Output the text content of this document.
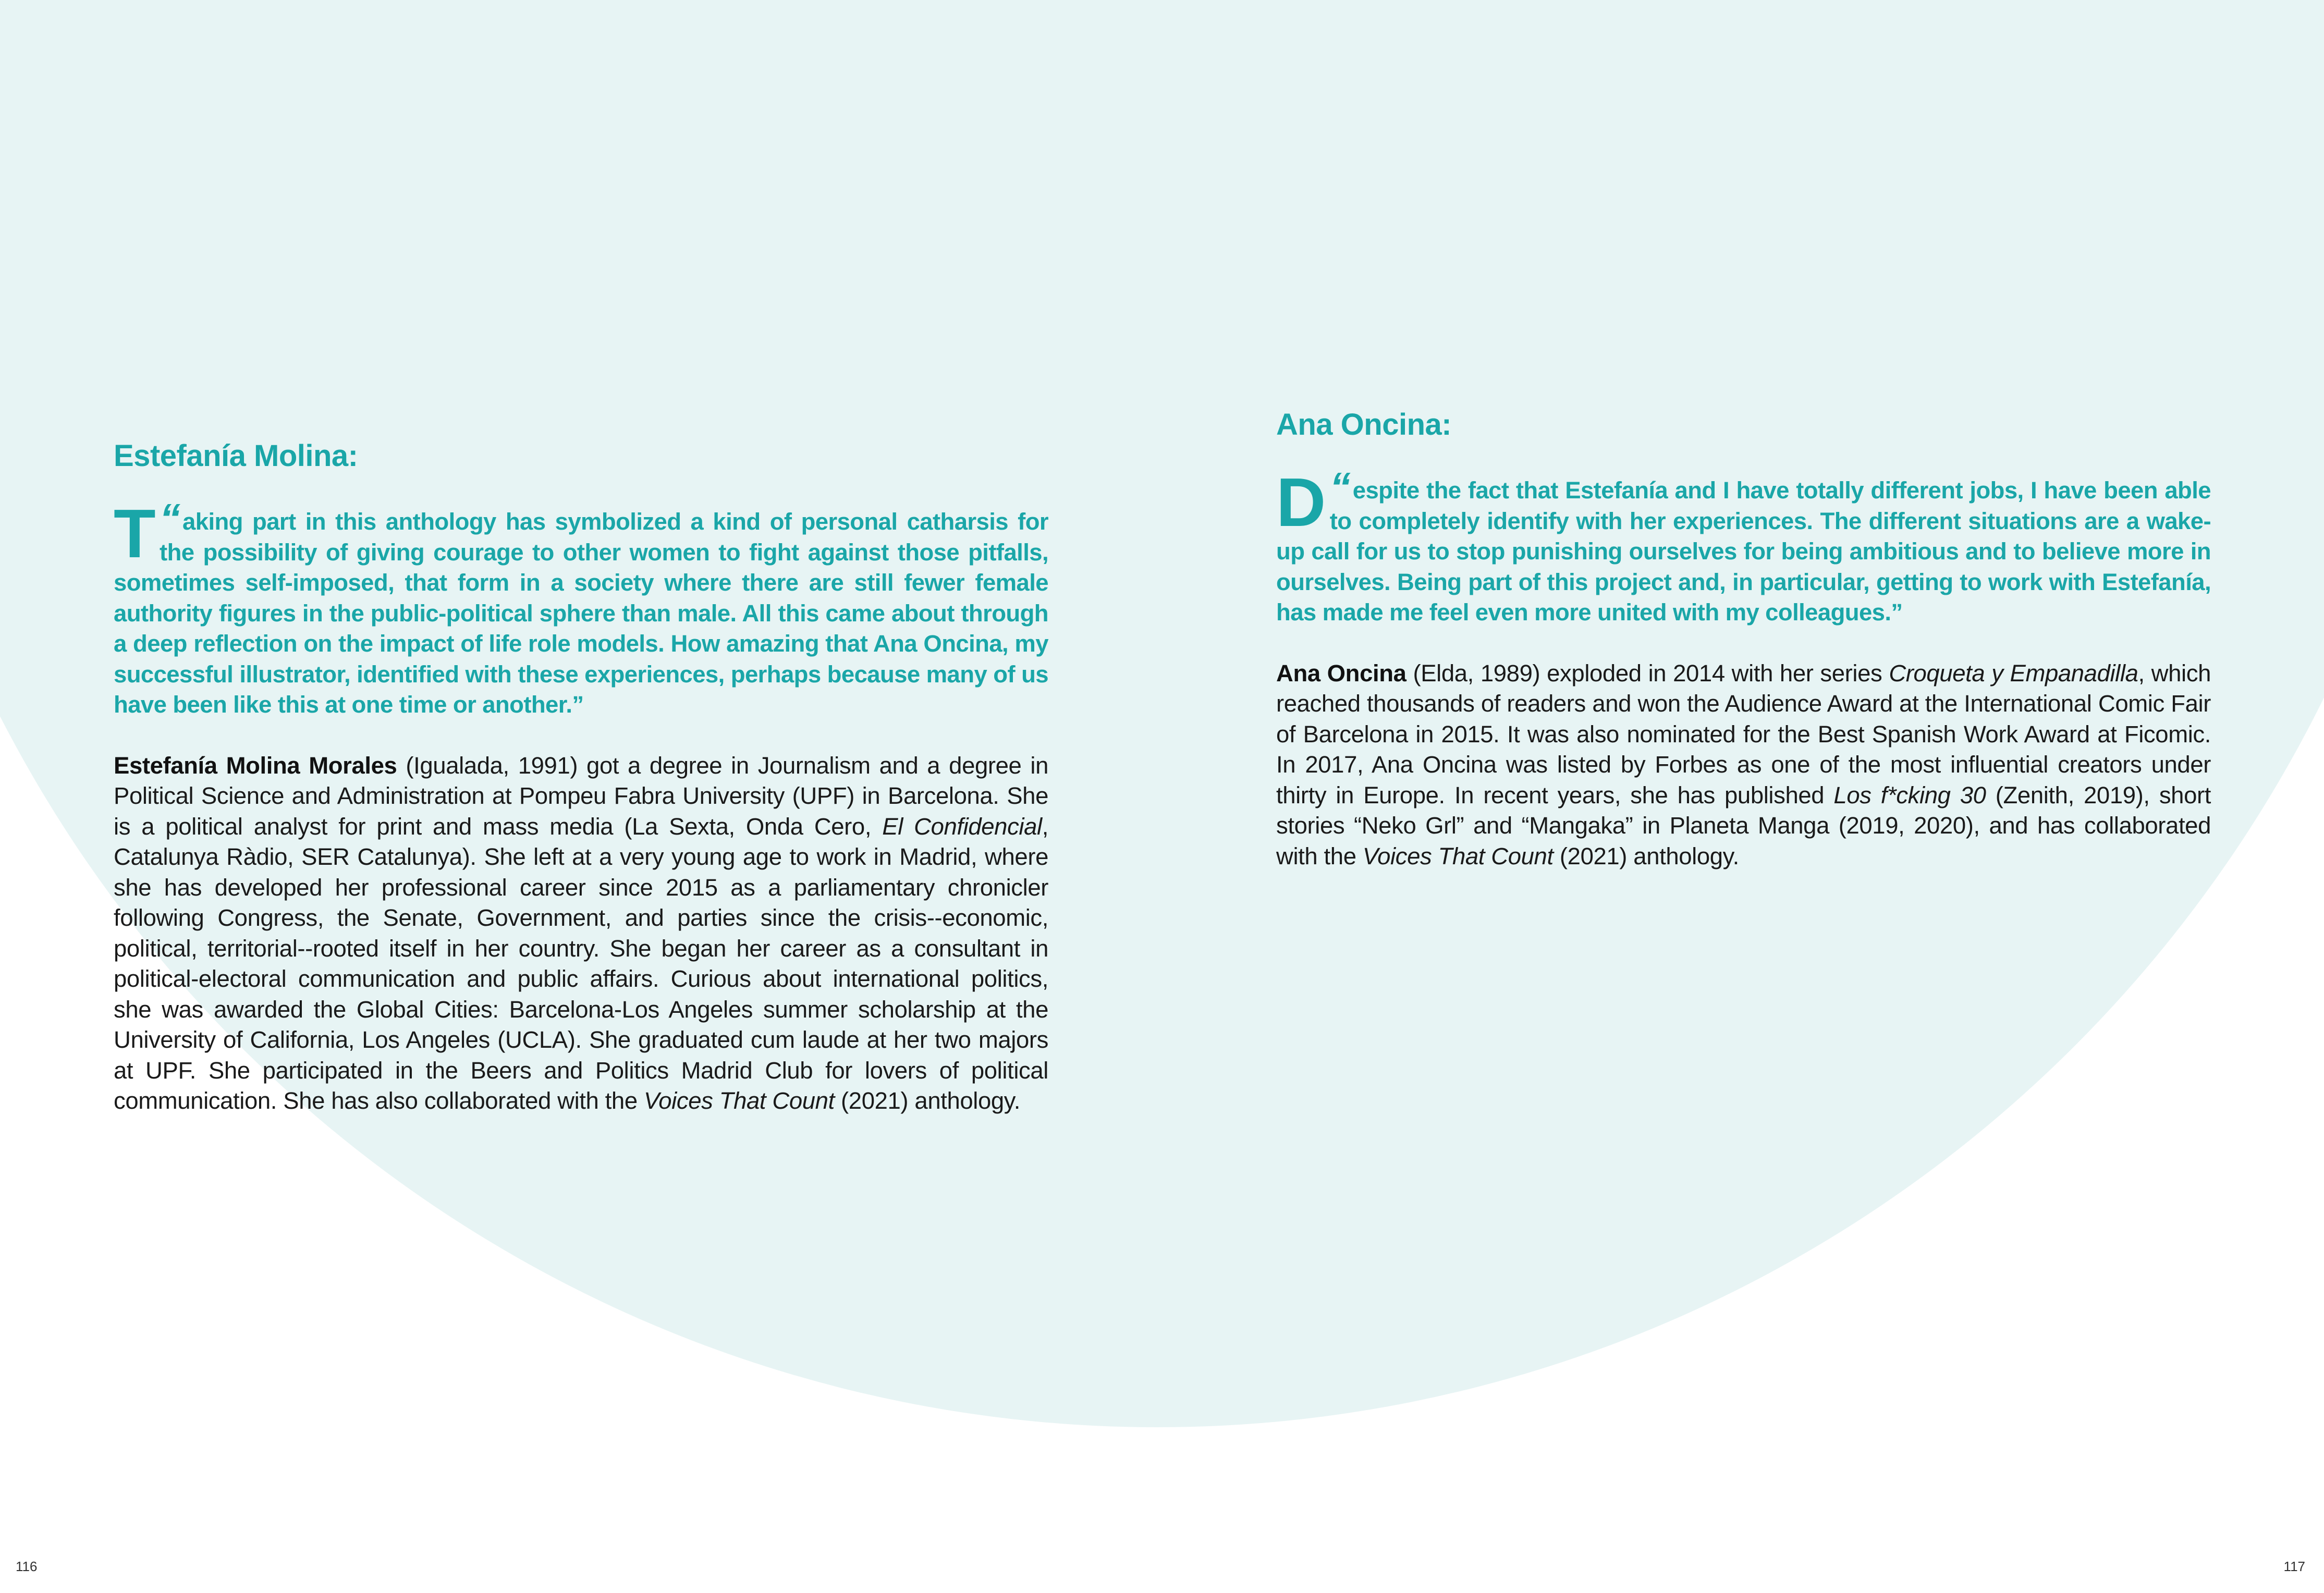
Estefanía Molina:

“
T aking part in this anthology has symbolized a kind of personal catharsis for the possibility of giving courage to other women to fight against those pitfalls, sometimes self-imposed, that form in a society where there are still fewer female authority figures in the public-political sphere than male. All this came about through a deep reflection on the impact of life role models. How amazing that Ana Oncina, my successful illustrator, identified with these experiences, perhaps because many of us have been like this at one time or another.”

Estefanía Molina Morales (Igualada, 1991) got a degree in Journalism and a degree in Political Science and Administration at Pompeu Fabra University (UPF) in Barcelona. She is a political analyst for print and mass media (La Sexta, Onda Cero, El Confidencial, Catalunya Ràdio, SER Catalunya). She left at a very young age to work in Madrid, where she has developed her professional career since 2015 as a parliamentary chronicler following Congress, the Senate, Government, and parties since the crisis--economic, political, territorial--rooted itself in her country. She began her career as a consultant in political-electoral communication and public affairs. Curious about international politics, she was awarded the Global Cities: Barcelona-Los Angeles summer scholarship at the University of California, Los Angeles (UCLA). She graduated cum laude at her two majors at UPF. She participated in the Beers and Politics Madrid Club for lovers of political communication. She has also collaborated with the Voices That Count (2021) anthology.

Ana Oncina:

“
D espite the fact that Estefanía and I have totally different jobs, I have been able to completely identify with her experiences. The different situations are a wake-up call for us to stop punishing ourselves for being ambitious and to believe more in ourselves. Being part of this project and, in particular, getting to work with Estefanía, has made me feel even more united with my colleagues.”

Ana Oncina (Elda, 1989) exploded in 2014 with her series Croqueta y Empanadilla, which reached thousands of readers and won the Audience Award at the International Comic Fair of Barcelona in 2015. It was also nominated for the Best Spanish Work Award at Ficomic. In 2017, Ana Oncina was listed by Forbes as one of the most influential creators under thirty in Europe. In recent years, she has published Los f*cking 30 (Zenith, 2019), short stories “Neko Grl” and “Mangaka” in Planeta Manga (2019, 2020), and has collaborated with the Voices That Count (2021) anthology.

116	117
